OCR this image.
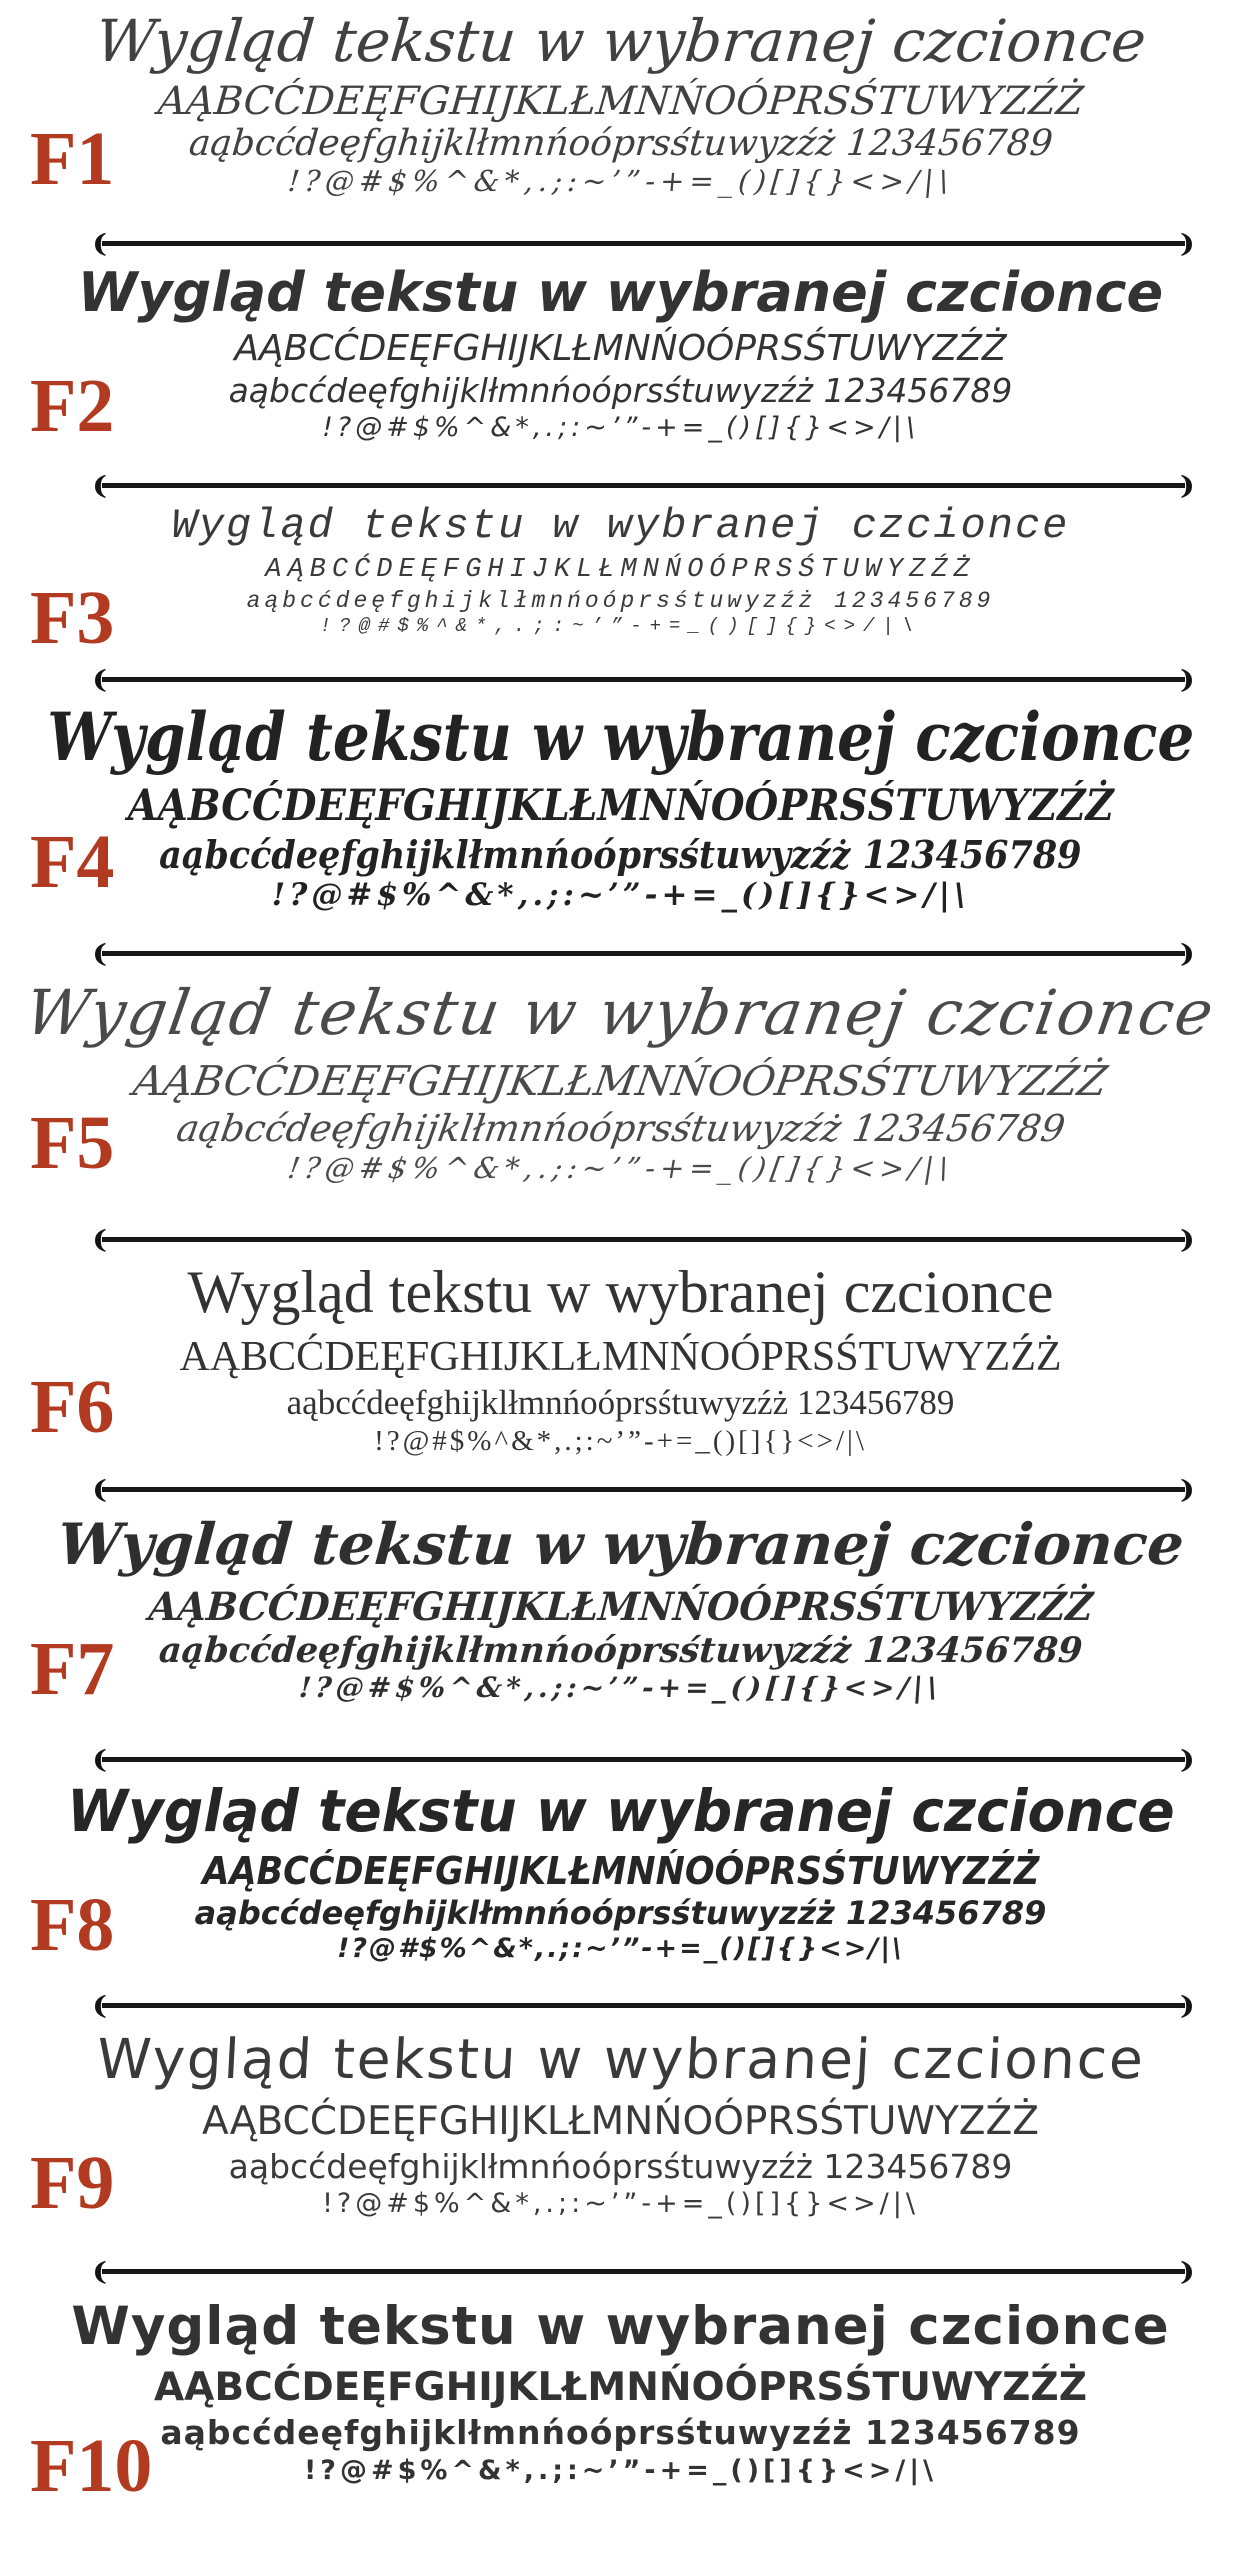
F1
Wygląd tekstu w wybranej czcionce
AĄBCĆDEĘFGHIJKLŁMNŃOÓPRSŚTUWYZŹŻ
aąbcćdeęfghijklłmnńoóprsśtuwyzźż 123456789
!?@#$%^&*,.;:~’”-+=_()[]{}<>/|\
(	)
F2
Wygląd tekstu w wybranej czcionce
AĄBCĆDEĘFGHIJKLŁMNŃOÓPRSŚTUWYZŹŻ
aąbcćdeęfghijklłmnńoóprsśtuwyzźż 123456789
!?@#$%^&*,.;:~’”-+=_()[]{}<>/|\
(	)
F3
Wygląd tekstu w wybranej czcionce
AĄBCĆDEĘFGHIJKLŁMNŃOÓPRSŚTUWYZŹŻ
aąbcćdeęfghijklłmnńoóprsśtuwyzźż 123456789
!?@#$%^&*,.;:~’”-+=_()[]{}<>/|\
(	)
F4
Wygląd tekstu w wybranej czcionce
AĄBCĆDEĘFGHIJKLŁMNŃOÓPRSŚTUWYZŹŻ
aąbcćdeęfghijklłmnńoóprsśtuwyzźż 123456789
!?@#$%^&*,.;:~’”-+=_()[]{}<>/|\
(	)
F5
Wygląd tekstu w wybranej czcionce
AĄBCĆDEĘFGHIJKLŁMNŃOÓPRSŚTUWYZŹŻ
aąbcćdeęfghijklłmnńoóprsśtuwyzźż 123456789
!?@#$%^&*,.;:~’”-+=_()[]{}<>/|\
(	)
F6
Wygląd tekstu w wybranej czcionce
AĄBCĆDEĘFGHIJKLŁMNŃOÓPRSŚTUWYZŹŻ
aąbcćdeęfghijklłmnńoóprsśtuwyzźż 123456789
!?@#$%^&*,.;:~’”-+=_()[]{}<>/|\
(	)
F7
Wygląd tekstu w wybranej czcionce
AĄBCĆDEĘFGHIJKLŁMNŃOÓPRSŚTUWYZŹŻ
aąbcćdeęfghijklłmnńoóprsśtuwyzźż 123456789
!?@#$%^&*,.;:~’”-+=_()[]{}<>/|\
(	)
F8
Wygląd tekstu w wybranej czcionce
AĄBCĆDEĘFGHIJKLŁMNŃOÓPRSŚTUWYZŹŻ
aąbcćdeęfghijklłmnńoóprsśtuwyzźż 123456789
!?@#$%^&*,.;:~’”-+=_()[]{}<>/|\
(	)
F9
Wygląd tekstu w wybranej czcionce
AĄBCĆDEĘFGHIJKLŁMNŃOÓPRSŚTUWYZŹŻ
aąbcćdeęfghijklłmnńoóprsśtuwyzźż 123456789
!?@#$%^&*,.;:~’”-+=_()[]{}<>/|\
(	)
F10
Wygląd tekstu w wybranej czcionce
AĄBCĆDEĘFGHIJKLŁMNŃOÓPRSŚTUWYZŹŻ
aąbcćdeęfghijklłmnńoóprsśtuwyzźż 123456789
!?@#$%^&*,.;:~’”-+=_()[]{}<>/|\
